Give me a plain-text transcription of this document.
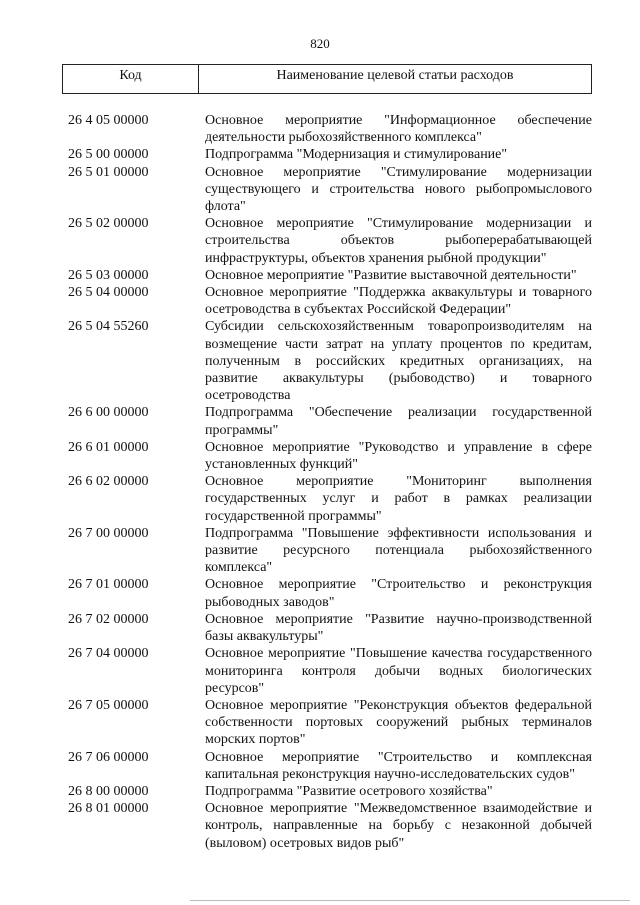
820
Код	Наименование целевой статьи расходов
26 4 05 00000	Основное мероприятие "Информационное обеспечение деятельности рыбохозяйственного комплекса"
26 5 00 00000	Подпрограмма "Модернизация и стимулирование"
26 5 01 00000	Основное мероприятие "Стимулирование модернизации существующего и строительства нового рыбопромыслового флота"
26 5 02 00000	Основное мероприятие "Стимулирование модернизации и строительства объектов рыбоперерабатывающей инфраструктуры, объектов хранения рыбной продукции"
26 5 03 00000	Основное мероприятие "Развитие выставочной деятельности"
26 5 04 00000	Основное мероприятие "Поддержка аквакультуры и товарного осетроводства в субъектах Российской Федерации"
26 5 04 55260	Субсидии сельскохозяйственным товаропроизводителям на возмещение части затрат на уплату процентов по кредитам, полученным в российских кредитных организациях, на развитие аквакультуры (рыбоводство) и товарного осетроводства
26 6 00 00000	Подпрограмма "Обеспечение реализации государственной программы"
26 6 01 00000	Основное мероприятие "Руководство и управление в сфере установленных функций"
26 6 02 00000	Основное мероприятие "Мониторинг выполнения государственных услуг и работ в рамках реализации государственной программы"
26 7 00 00000	Подпрограмма "Повышение эффективности использования и развитие ресурсного потенциала рыбохозяйственного комплекса"
26 7 01 00000	Основное мероприятие "Строительство и реконструкция рыбоводных заводов"
26 7 02 00000	Основное мероприятие "Развитие научно-производственной базы аквакультуры"
26 7 04 00000	Основное мероприятие "Повышение качества государственного мониторинга контроля добычи водных биологических ресурсов"
26 7 05 00000	Основное мероприятие "Реконструкция объектов федеральной собственности портовых сооружений рыбных терминалов морских портов"
26 7 06 00000	Основное мероприятие "Строительство и комплексная капитальная реконструкция научно-исследовательских судов"
26 8 00 00000	Подпрограмма "Развитие осетрового хозяйства"
26 8 01 00000	Основное мероприятие "Межведомственное взаимодействие и контроль, направленные на борьбу с незаконной добычей (выловом) осетровых видов рыб"
